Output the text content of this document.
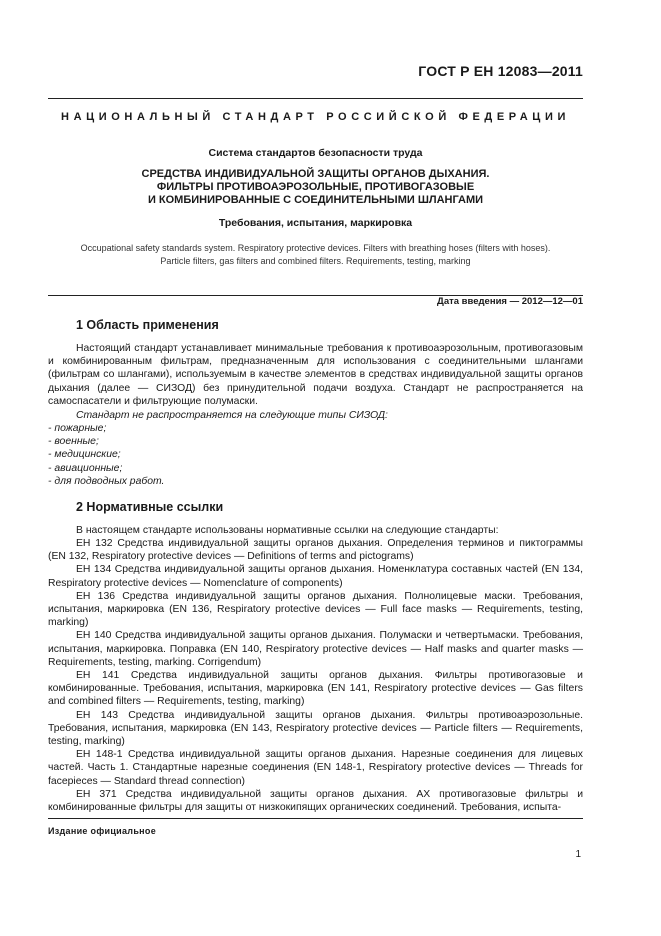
ГОСТ Р ЕН 12083—2011
НАЦИОНАЛЬНЫЙ СТАНДАРТ РОССИЙСКОЙ ФЕДЕРАЦИИ
Система стандартов безопасности труда
СРЕДСТВА ИНДИВИДУАЛЬНОЙ ЗАЩИТЫ ОРГАНОВ ДЫХАНИЯ.
ФИЛЬТРЫ ПРОТИВОАЭРОЗОЛЬНЫЕ, ПРОТИВОГАЗОВЫЕ
И КОМБИНИРОВАННЫЕ С СОЕДИНИТЕЛЬНЫМИ ШЛАНГАМИ
Требования, испытания, маркировка
Occupational safety standards system. Respiratory protective devices. Filters with breathing hoses (filters with hoses).
Particle filters, gas filters and combined filters. Requirements, testing, marking
Дата введения — 2012—12—01
1 Область применения

Настоящий стандарт устанавливает минимальные требования к противоаэрозольным, противогазовым и комбинированным фильтрам, предназначенным для использования с соединительными шлангами (фильтрам со шлангами), используемым в качестве элементов в средствах индивидуальной защиты органов дыхания (далее — СИЗОД) без принудительной подачи воздуха. Стандарт не распространяется на самоспасатели и фильтрующие полумаски.

Стандарт не распространяется на следующие типы СИЗОД:
- пожарные;
- военные;
- медицинские;
- авиационные;
- для подводных работ.
2 Нормативные ссылки

В настоящем стандарте использованы нормативные ссылки на следующие стандарты:

ЕН 132 Средства индивидуальной защиты органов дыхания. Определения терминов и пиктограммы (EN 132, Respiratory protective devices — Definitions of terms and pictograms)

ЕН 134 Средства индивидуальной защиты органов дыхания. Номенклатура составных частей (EN 134, Respiratory protective devices — Nomenclature of components)

ЕН 136 Средства индивидуальной защиты органов дыхания. Полнолицевые маски. Требования, испытания, маркировка (EN 136, Respiratory protective devices — Full face masks — Requirements, testing, marking)

ЕН 140 Средства индивидуальной защиты органов дыхания. Полумаски и четвертьмаски. Требования, испытания, маркировка. Поправка (EN 140, Respiratory protective devices — Half masks and quarter masks — Requirements, testing, marking. Corrigendum)

ЕН 141 Средства индивидуальной защиты органов дыхания. Фильтры противогазовые и комбинированные. Требования, испытания, маркировка (EN 141, Respiratory protective devices — Gas filters and combined filters — Requirements, testing, marking)

ЕН 143 Средства индивидуальной защиты органов дыхания. Фильтры противоаэрозольные. Требования, испытания, маркировка (EN 143, Respiratory protective devices — Particle filters — Requirements, testing, marking)

ЕН 148-1 Средства индивидуальной защиты органов дыхания. Нарезные соединения для лицевых частей. Часть 1. Стандартные нарезные соединения (EN 148-1, Respiratory protective devices — Threads for facepieces — Standard thread connection)

ЕН 371 Средства индивидуальной защиты органов дыхания. АХ противогазовые фильтры и комбинированные фильтры для защиты от низкокипящих органических соединений. Требования, испыта-

Издание официальное
1
